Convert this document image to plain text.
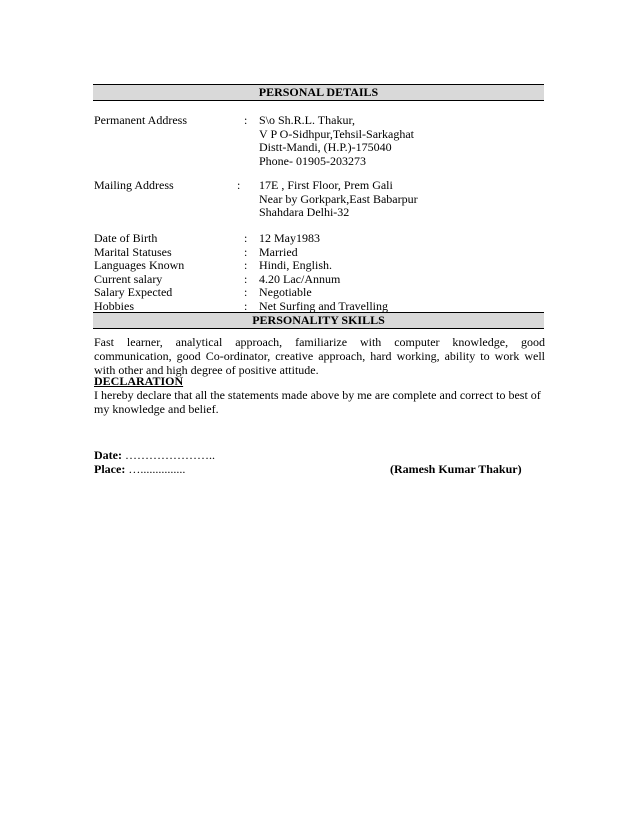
PERSONAL DETAILS
Permanent Address	: S\o Sh.R.L. Thakur,
V P O-Sidhpur,Tehsil-Sarkaghat
Distt-Mandi, (H.P.)-175040
Phone- 01905-203273
Mailing Address	: 17E , First Floor, Prem Gali
Near by Gorkpark,East Babarpur
Shahdara Delhi-32
Date of Birth	: 12 May1983
Marital Statuses	: Married
Languages Known	: Hindi, English.
Current salary	: 4.20 Lac/Annum
Salary Expected	: Negotiable
Hobbies	: Net Surfing and Travelling
PERSONALITY SKILLS
Fast learner, analytical approach, familiarize with computer knowledge, good communication, good Co-ordinator, creative approach, hard working, ability to work well with other and high degree of positive attitude.
DECLARATION
I hereby declare that all the statements made above by me are complete and correct to best of my knowledge and belief.
Date: …………………..
Place: …...............	(Ramesh Kumar Thakur)
